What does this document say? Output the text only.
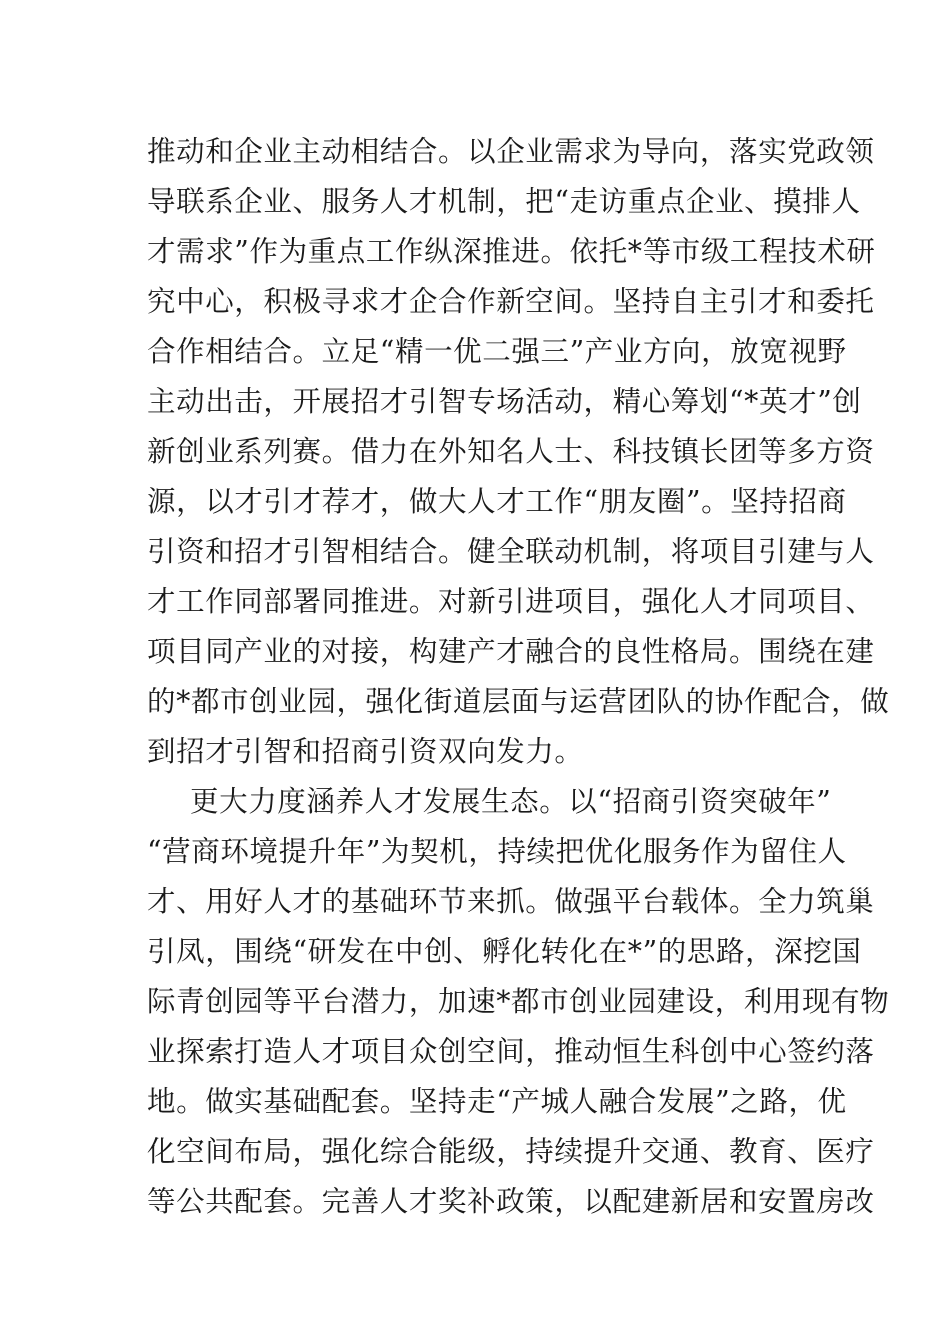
推动和企业主动相结合。以企业需求为导向，落实党政领
导联系企业、服务人才机制，把“走访重点企业、摸排人
才需求”作为重点工作纵深推进。依托*等市级工程技术研
究中心，积极寻求才企合作新空间。坚持自主引才和委托
合作相结合。立足“精一优二强三”产业方向，放宽视野
主动出击，开展招才引智专场活动，精心筹划“*英才”创
新创业系列赛。借力在外知名人士、科技镇长团等多方资
源，以才引才荐才，做大人才工作“朋友圈”。坚持招商
引资和招才引智相结合。健全联动机制，将项目引建与人
才工作同部署同推进。对新引进项目，强化人才同项目、
项目同产业的对接，构建产才融合的良性格局。围绕在建
的*都市创业园，强化街道层面与运营团队的协作配合，做
到招才引智和招商引资双向发力。
更大力度涵养人才发展生态。以“招商引资突破年”
“营商环境提升年”为契机，持续把优化服务作为留住人
才、用好人才的基础环节来抓。做强平台载体。全力筑巢
引凤，围绕“研发在中创、孵化转化在*”的思路，深挖国
际青创园等平台潜力，加速*都市创业园建设，利用现有物
业探索打造人才项目众创空间，推动恒生科创中心签约落
地。做实基础配套。坚持走“产城人融合发展”之路，优
化空间布局，强化综合能级，持续提升交通、教育、医疗
等公共配套。完善人才奖补政策，以配建新居和安置房改
